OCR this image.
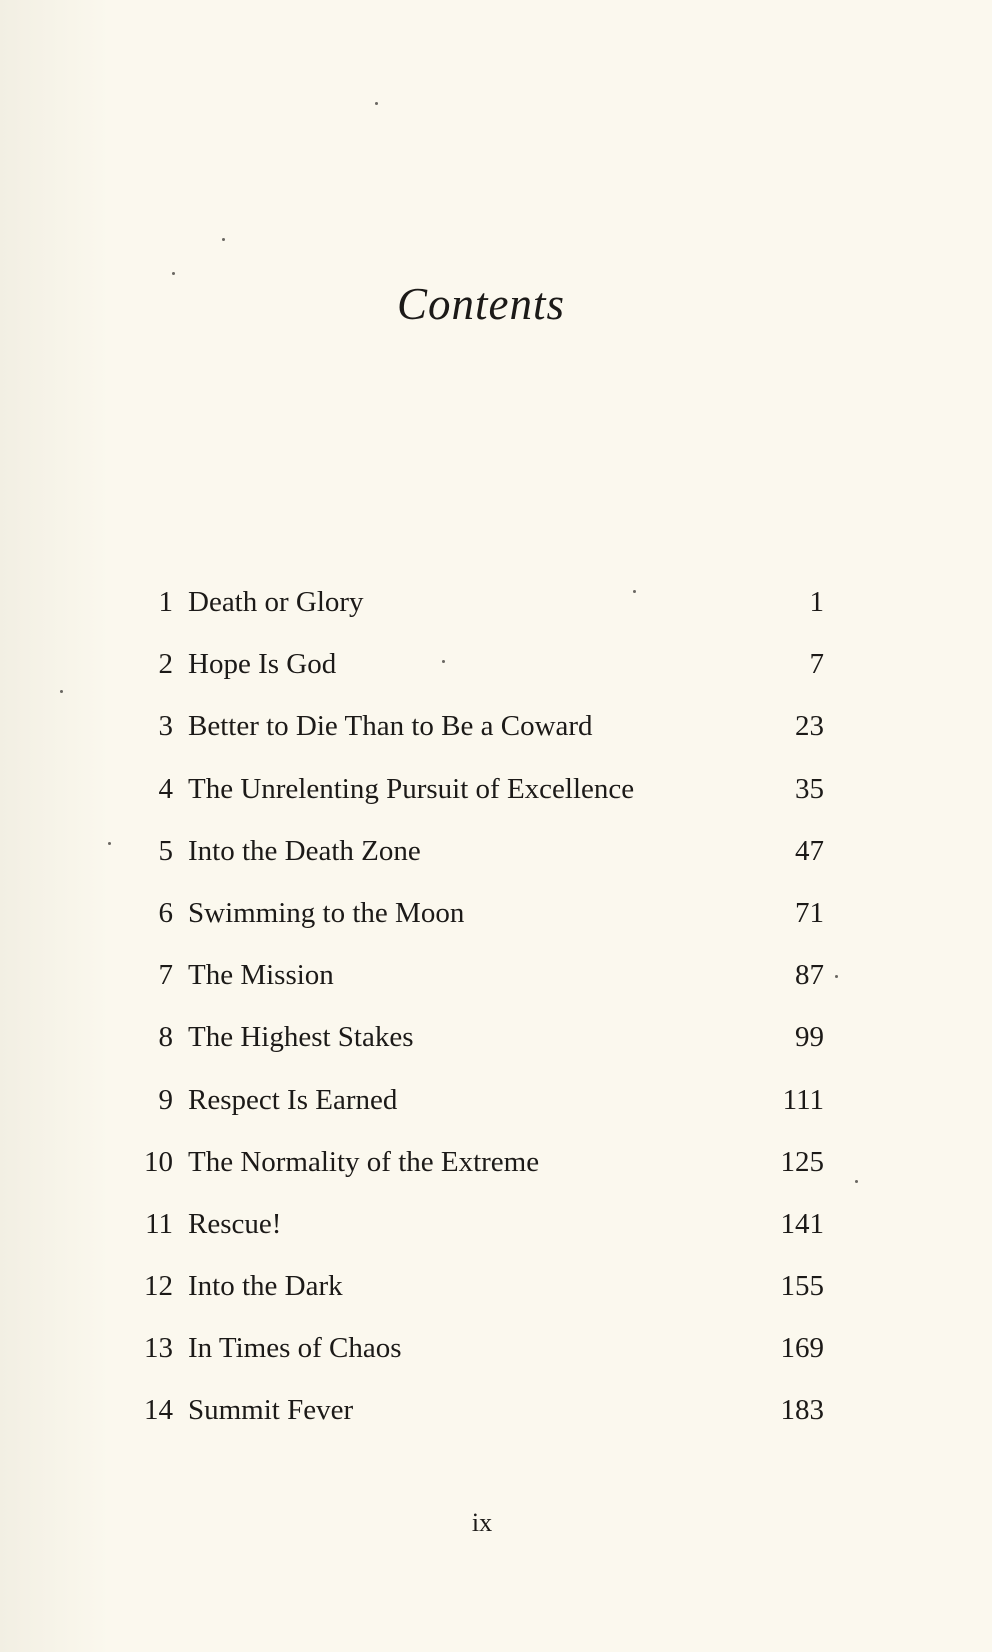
Contents
1 Death or Glory	1
2 Hope Is God	7
3 Better to Die Than to Be a Coward	23
4 The Unrelenting Pursuit of Excellence	35
5 Into the Death Zone	47
6 Swimming to the Moon	71
7 The Mission	87
8 The Highest Stakes	99
9 Respect Is Earned	111
10 The Normality of the Extreme	125
11 Rescue!	141
12 Into the Dark	155
13 In Times of Chaos	169
14 Summit Fever	183

ix
